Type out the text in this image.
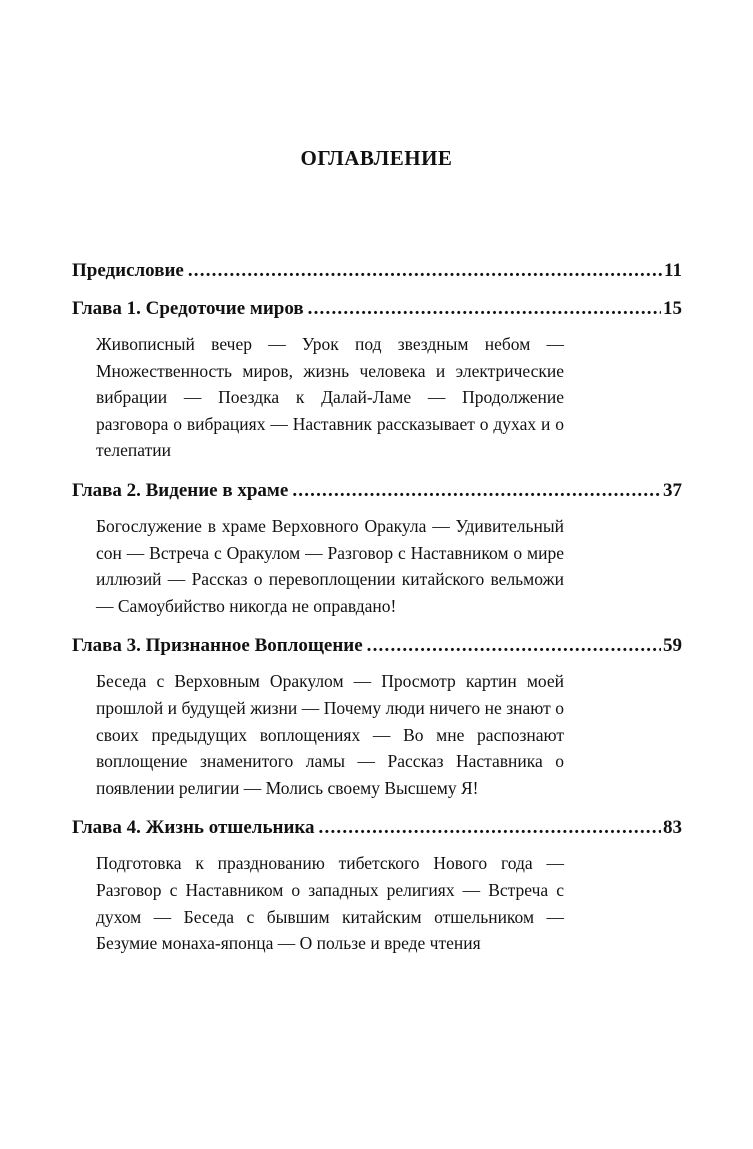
ОГЛАВЛЕНИЕ
Предисловие .....	11
Глава 1. Средоточие миров .....	15
Живописный вечер — Урок под звездным небом — Множественность миров, жизнь человека и электрические вибрации — Поездка к Далай-Ламе — Продолжение разговора о вибрациях — Наставник рассказывает о духах и о телепатии
Глава 2. Видение в храме .....	37
Богослужение в храме Верховного Оракула — Удивительный сон — Встреча с Оракулом — Разговор с Наставником о мире иллюзий — Рассказ о перевоплощении китайского вельможи — Самоубийство никогда не оправдано!
Глава 3. Признанное Воплощение .....	59
Беседа с Верховным Оракулом — Просмотр картин моей прошлой и будущей жизни — Почему люди ничего не знают о своих предыдущих воплощениях — Во мне распознают воплощение знаменитого ламы — Рассказ Наставника о появлении религии — Молись своему Высшему Я!
Глава 4. Жизнь отшельника .....	83
Подготовка к празднованию тибетского Нового года — Разговор с Наставником о западных религиях — Встреча с духом — Беседа с бывшим китайским отшельником — Безумие монаха-японца — О пользе и вреде чтения
